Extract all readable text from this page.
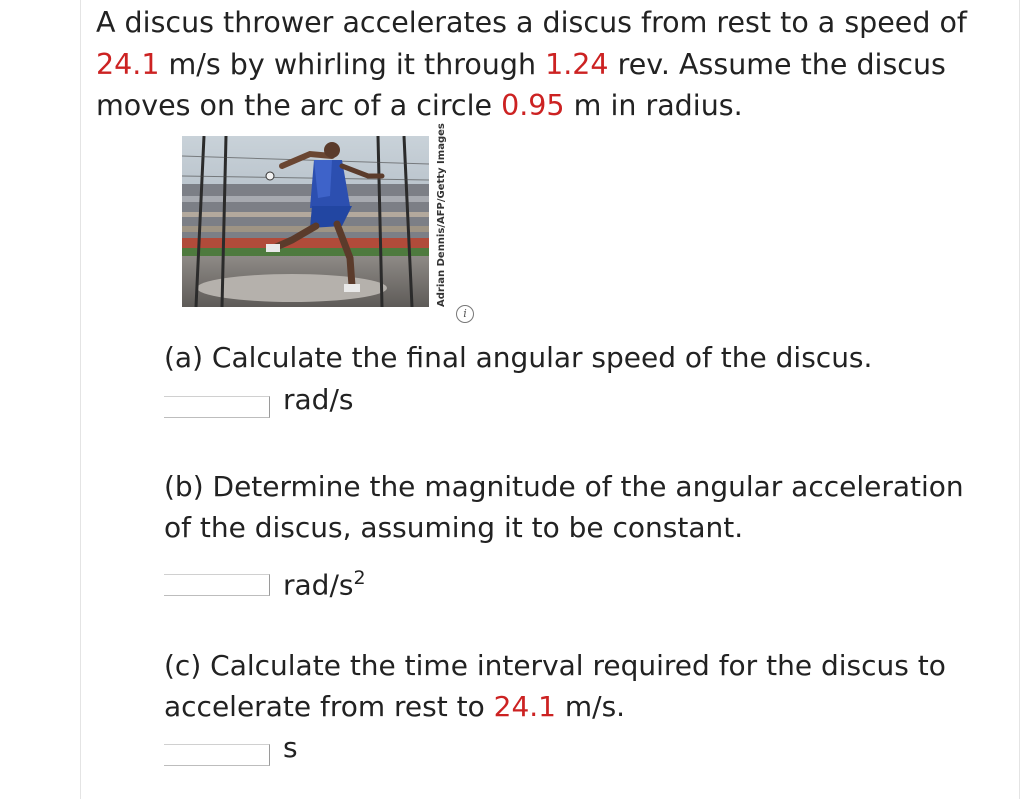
A discus thrower accelerates a discus from rest to a speed of
24.1 m/s by whirling it through 1.24 rev. Assume the discus moves on the arc of a circle 0.95 m in radius.

Adrian Dennis/AFP/Getty Images
i

(a) Calculate the final angular speed of the discus.

rad/s

(b) Determine the magnitude of the angular acceleration of the discus, assuming it to be constant.

rad/$s^2$

(c) Calculate the time interval required for the discus to accelerate from rest to 24.1 m/s.

s
